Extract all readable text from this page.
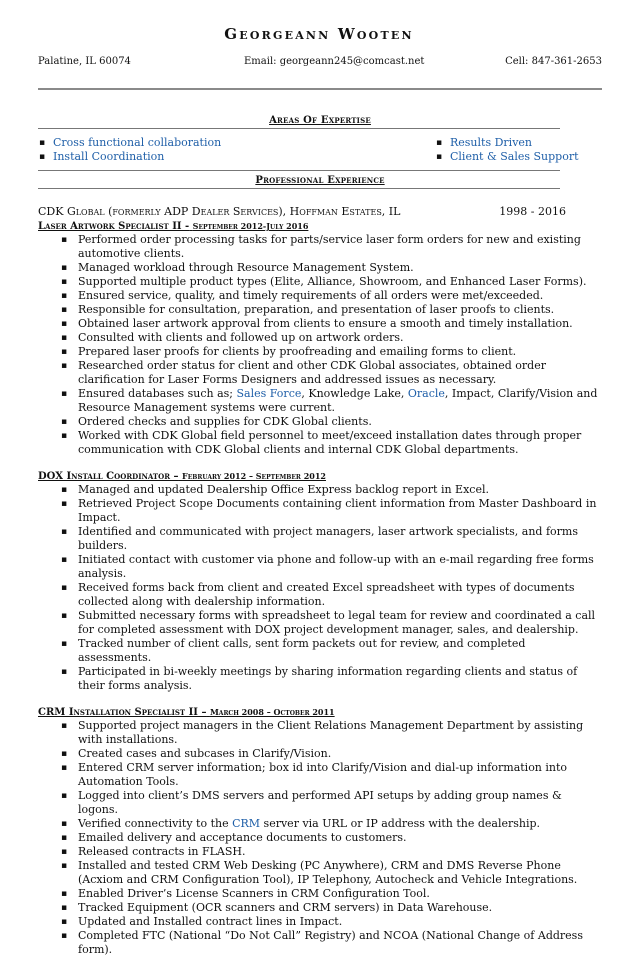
Georgeann Wooten
Palatine, IL 60074	Email: georgeann245@comcast.net	Cell: 847-361-2653
Areas Of Expertise
▪ Cross functional collaboration
▪ Install Coordination
▪ Results Driven
▪ Client & Sales Support
Professional Experience
CDK Global (formerly ADP Dealer Services), Hoffman Estates, IL	1998 - 2016
Laser Artwork Specialist II - September 2012-July 2016
▪ Performed order processing tasks for parts/service laser form orders for new and existing automotive clients.
▪ Managed workload through Resource Management System.
▪ Supported multiple product types (Elite, Alliance, Showroom, and Enhanced Laser Forms).
▪ Ensured service, quality, and timely requirements of all orders were met/exceeded.
▪ Responsible for consultation, preparation, and presentation of laser proofs to clients.
▪ Obtained laser artwork approval from clients to ensure a smooth and timely installation.
▪ Consulted with clients and followed up on artwork orders.
▪ Prepared laser proofs for clients by proofreading and emailing forms to client.
▪ Researched order status for client and other CDK Global associates, obtained order clarification for Laser Forms Designers and addressed issues as necessary.
▪ Ensured databases such as; Sales Force, Knowledge Lake, Oracle, Impact, Clarify/Vision and Resource Management systems were current.
▪ Ordered checks and supplies for CDK Global clients.
▪ Worked with CDK Global field personnel to meet/exceed installation dates through proper communication with CDK Global clients and internal CDK Global departments.
DOX Install Coordinator – February 2012 – September 2012
▪ Managed and updated Dealership Office Express backlog report in Excel.
▪ Retrieved Project Scope Documents containing client information from Master Dashboard in Impact.
▪ Identified and communicated with project managers, laser artwork specialists, and forms builders.
▪ Initiated contact with customer via phone and follow-up with an e-mail regarding free forms analysis.
▪ Received forms back from client and created Excel spreadsheet with types of documents collected along with dealership information.
▪ Submitted necessary forms with spreadsheet to legal team for review and coordinated a call for completed assessment with DOX project development manager, sales, and dealership.
▪ Tracked number of client calls, sent form packets out for review, and completed assessments.
▪ Participated in bi-weekly meetings by sharing information regarding clients and status of their forms analysis.
CRM Installation Specialist II – March 2008 – October 2011
▪ Supported project managers in the Client Relations Management Department by assisting with installations.
▪ Created cases and subcases in Clarify/Vision.
▪ Entered CRM server information; box id into Clarify/Vision and dial-up information into Automation Tools.
▪ Logged into client’s DMS servers and performed API setups by adding group names & logons.
▪ Verified connectivity to the CRM server via URL or IP address with the dealership.
▪ Emailed delivery and acceptance documents to customers.
▪ Released contracts in FLASH.
▪ Installed and tested CRM Web Desking (PC Anywhere), CRM and DMS Reverse Phone (Acxiom and CRM Configuration Tool), IP Telephony, Autocheck and Vehicle Integrations.
▪ Enabled Driver’s License Scanners in CRM Configuration Tool.
▪ Tracked Equipment (OCR scanners and CRM servers) in Data Warehouse.
▪ Updated and Installed contract lines in Impact.
▪ Completed FTC (National “Do Not Call” Registry) and NCOA (National Change of Address form).
